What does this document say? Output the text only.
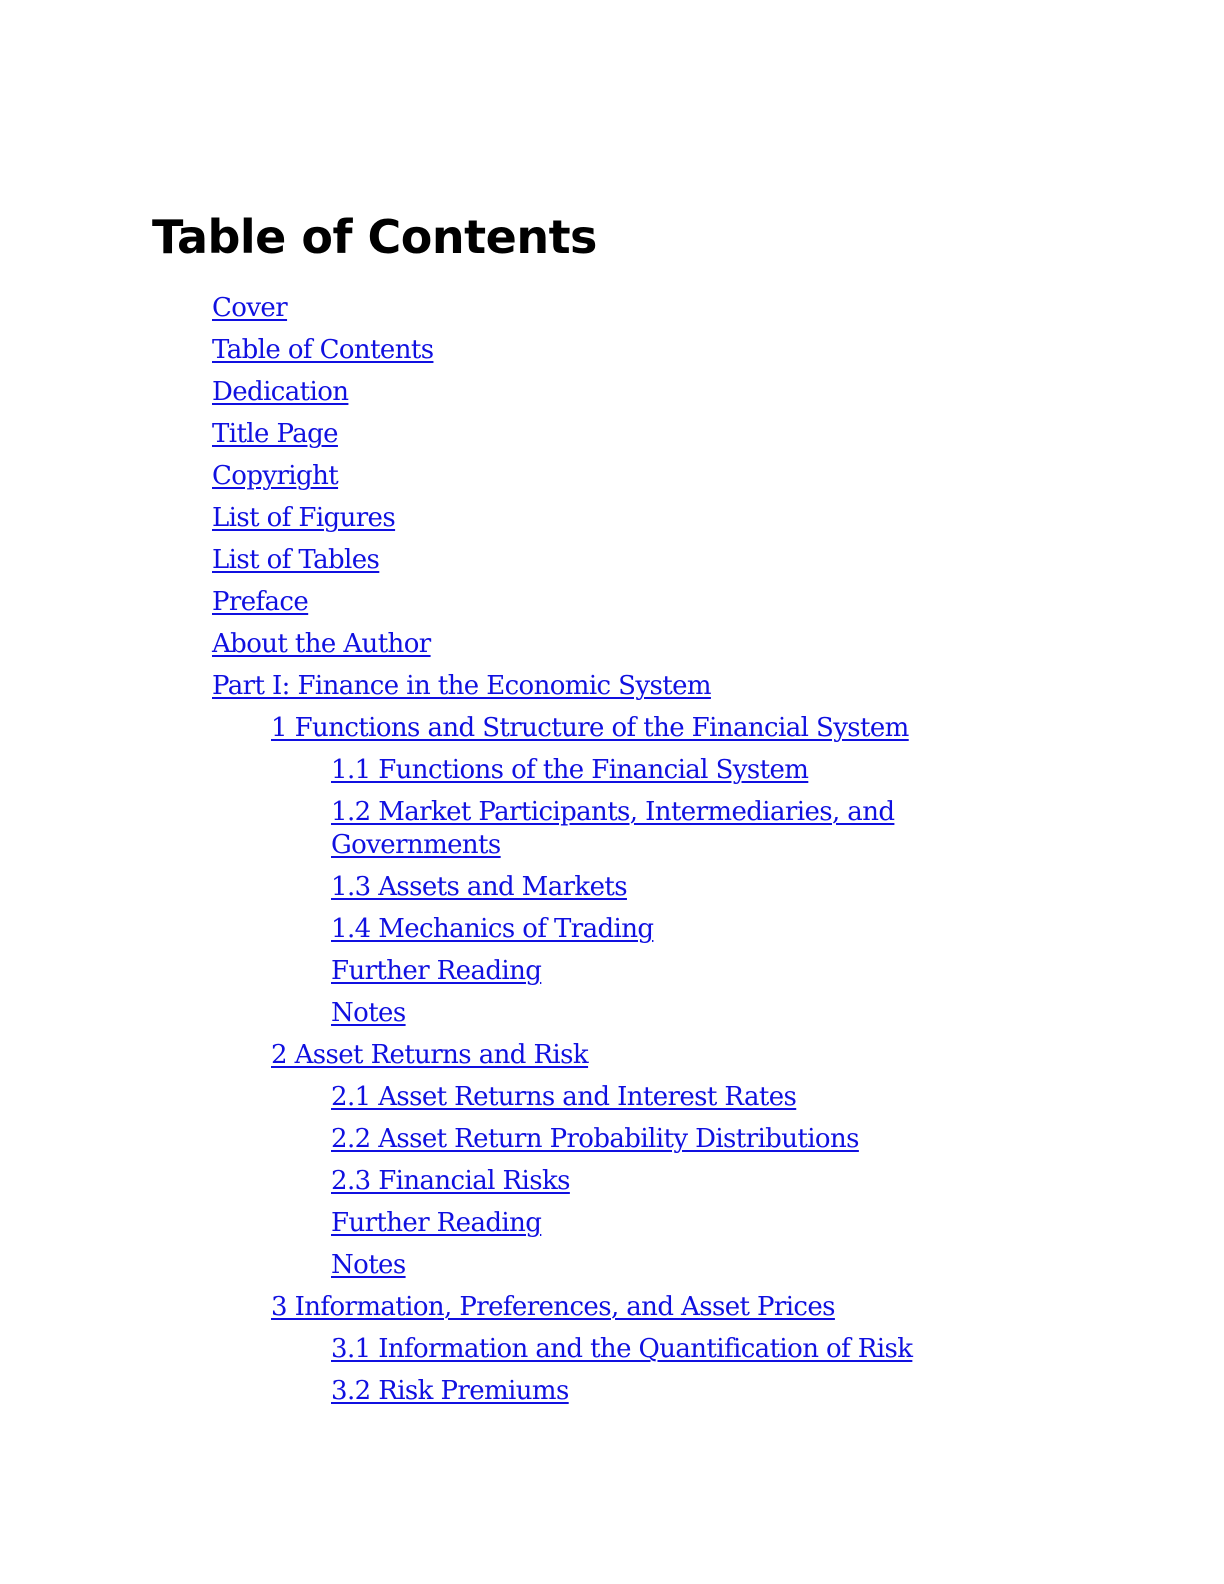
Table of Contents
Cover
Table of Contents
Dedication
Title Page
Copyright
List of Figures
List of Tables
Preface
About the Author
Part I: Finance in the Economic System
1 Functions and Structure of the Financial System
1.1 Functions of the Financial System
1.2 Market Participants, Intermediaries, and Governments
1.3 Assets and Markets
1.4 Mechanics of Trading
Further Reading
Notes
2 Asset Returns and Risk
2.1 Asset Returns and Interest Rates
2.2 Asset Return Probability Distributions
2.3 Financial Risks
Further Reading
Notes
3 Information, Preferences, and Asset Prices
3.1 Information and the Quantification of Risk
3.2 Risk Premiums
